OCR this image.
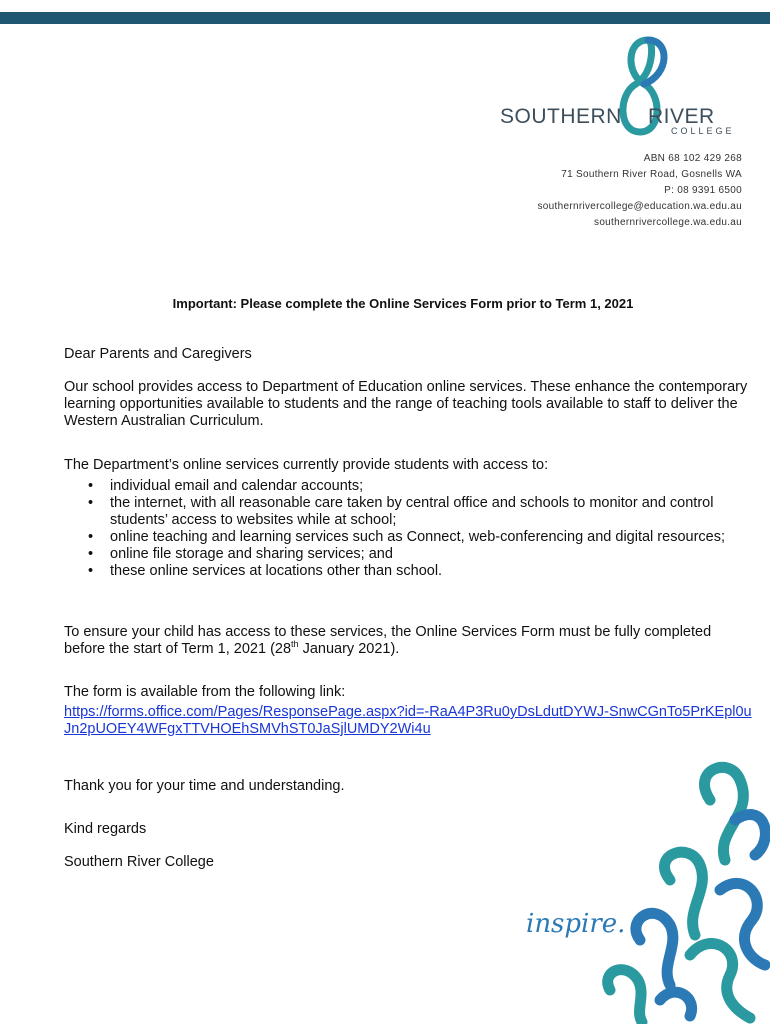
SOUTHERN RIVER
COLLEGE
ABN 68 102 429 268
71 Southern River Road, Gosnells WA
P: 08 9391 6500
southernrivercollege@education.wa.edu.au
southernrivercollege.wa.edu.au
Important: Please complete the Online Services Form prior to Term 1, 2021

Dear Parents and Caregivers

Our school provides access to Department of Education online services. These enhance the contemporary learning opportunities available to students and the range of teaching tools available to staff to deliver the Western Australian Curriculum.

The Department’s online services currently provide students with access to:

• individual email and calendar accounts;
• the internet, with all reasonable care taken by central office and schools to monitor and control students’ access to websites while at school;
• online teaching and learning services such as Connect, web-conferencing and digital resources;
• online file storage and sharing services; and
• these online services at locations other than school.

To ensure your child has access to these services, the Online Services Form must be fully completed before the start of Term 1, 2021 (28th January 2021).

The form is available from the following link:

https://forms.office.com/Pages/ResponsePage.aspx?id=-RaA4P3Ru0yDsLdutDYWJ-SnwCGnTo5PrKEpl0uJn2pUOEY4WFgxTTVHOEhSMVhST0JaSjlUMDY2Wi4u

Thank you for your time and understanding.

Kind regards

Southern River College

inspire.
